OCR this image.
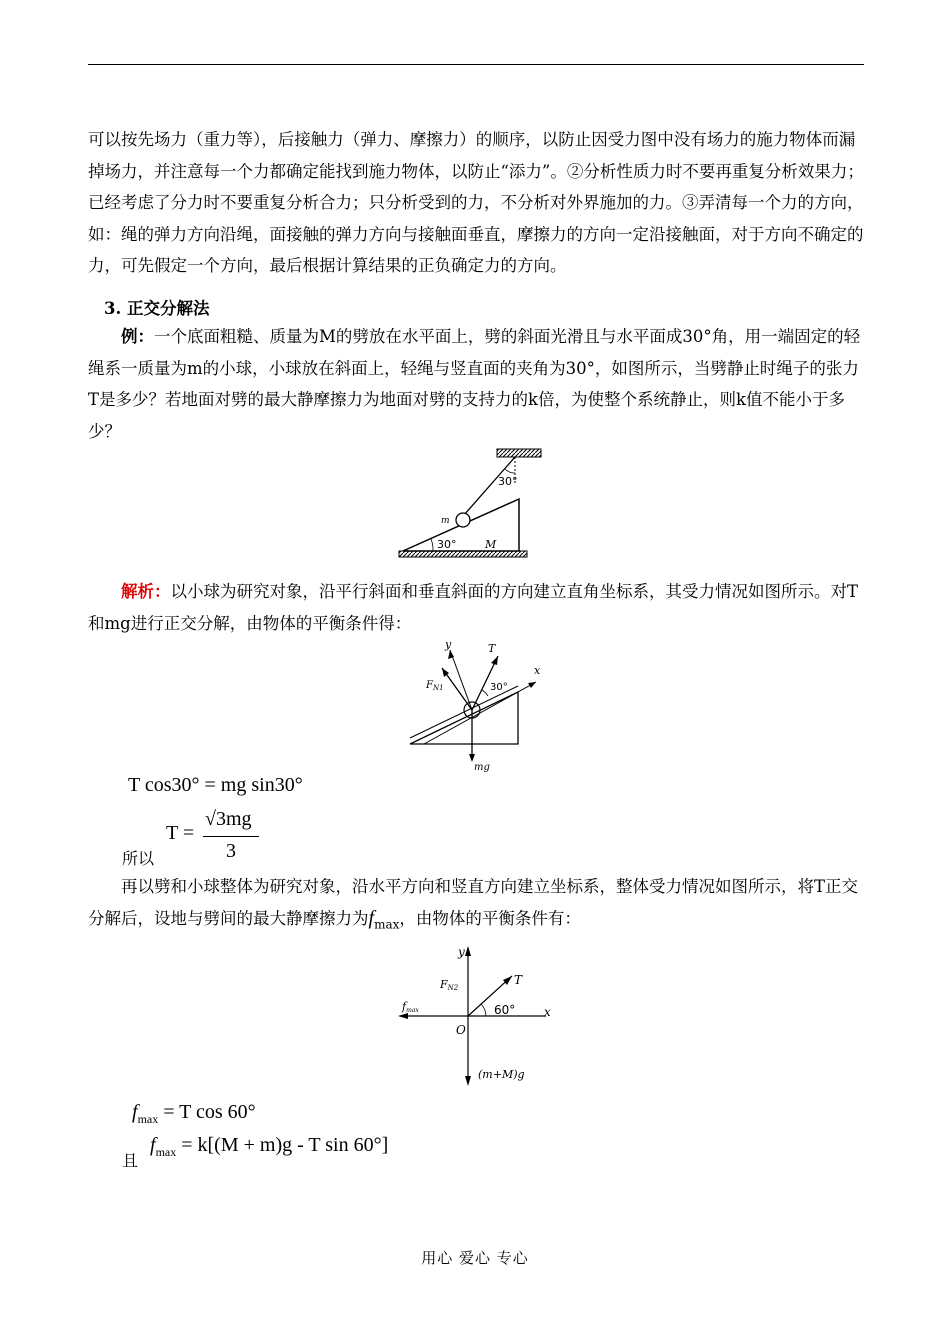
可以按先场力（重力等），后接触力（弹力、摩擦力）的顺序，以防止因受力图中没有场力的施力物体而漏掉场力，并注意每一个力都确定能找到施力物体，以防止“添力”。②分析性质力时不要再重复分析效果力；已经考虑了分力时不要重复分析合力；只分析受到的力，不分析对外界施加的力。③弄清每一个力的方向，如：绳的弹力方向沿绳，面接触的弹力方向与接触面垂直，摩擦力的方向一定沿接触面，对于方向不确定的力，可先假定一个方向，最后根据计算结果的正负确定力的方向。

3. 正交分解法

例：一个底面粗糙、质量为M的劈放在水平面上，劈的斜面光滑且与水平面成30°角，用一端固定的轻绳系一质量为m的小球，小球放在斜面上，轻绳与竖直面的夹角为30°，如图所示，当劈静止时绳子的张力T是多少？若地面对劈的最大静摩擦力为地面对劈的支持力的k倍，为使整个系统静止，则k值不能小于多少？

30°
m
30°	M

解析：以小球为研究对象，沿平行斜面和垂直斜面的方向建立直角坐标系，其受力情况如图所示。对T和mg进行正交分解，由物体的平衡条件得：

x
y
$F_{N1}$
T
mg
30°
T cos30° = mg sin30°
所以
T =
√3mg
3

再以劈和小球整体为研究对象，沿水平方向和竖直方向建立坐标系，整体受力情况如图所示，将T正交分解后，设地与劈间的最大静摩擦力为$f_{max}$，由物体的平衡条件有：

x
fmax
y
FN2
T
60°
O
(m+M)g
$f_{max} = T$ cos 60°
且
$f_{max} = k[(M + m)g - T$ sin 60°]
用心 爱心 专心
